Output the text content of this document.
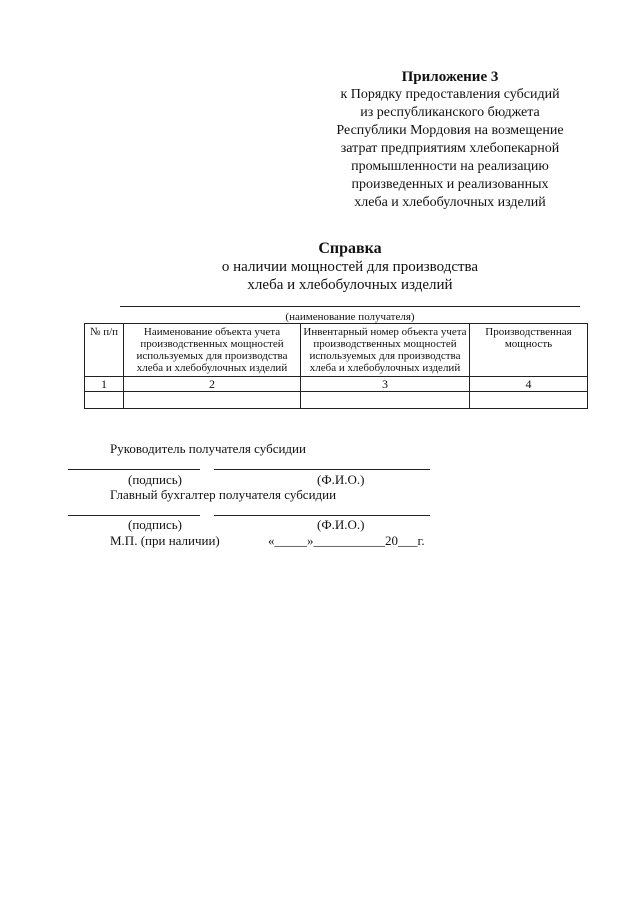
Приложение 3
к Порядку предоставления субсидий
из республиканского бюджета
Республики Мордовия на возмещение
затрат предприятиям хлебопекарной
промышленности на реализацию
произведенных и реализованных
хлеба и хлебобулочных изделий
Справка
о наличии мощностей для производства
хлеба и хлебобулочных изделий
(наименование получателя)
№ п/п	Наименование объекта учета производственных мощностей используемых для производства хлеба и хлебобулочных изделий	Инвентарный номер объекта учета производственных мощностей используемых для производства хлеба и хлебобулочных изделий	Производственная мощность
1	2	3	4

Руководитель получателя субсидии
(подпись)	(Ф.И.О.)
Главный бухгалтер получателя субсидии
(подпись)	(Ф.И.О.)
М.П. (при наличии)	«_____»___________20___г.
